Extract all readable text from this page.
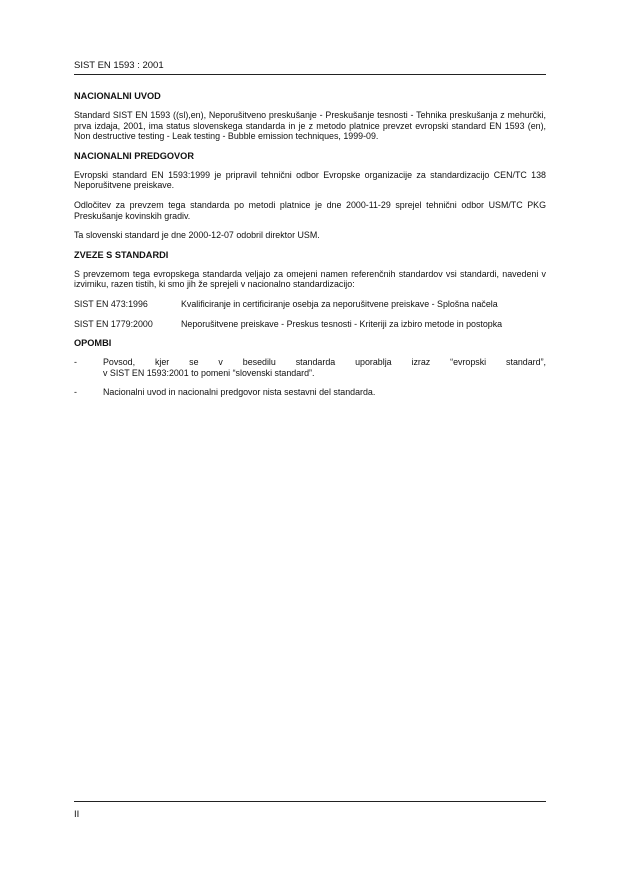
SIST EN 1593 : 2001
NACIONALNI UVOD

Standard SIST EN 1593 ((sl),en), Neporušitveno preskušanje - Preskušanje tesnosti - Tehnika preskušanja z mehurčki, prva izdaja, 2001, ima status slovenskega standarda in je z metodo platnice prevzet evropski standard EN 1593 (en), Non destructive testing - Leak testing - Bubble emission techniques, 1999-09.

NACIONALNI PREDGOVOR

Evropski standard EN 1593:1999 je pripravil tehnični odbor Evropske organizacije za standardizacijo CEN/TC 138 Neporušitvene preiskave.

Odločitev za prevzem tega standarda po metodi platnice je dne 2000-11-29 sprejel tehnični odbor USM/TC PKG Preskušanje kovinskih gradiv.

Ta slovenski standard je dne 2000-12-07 odobril direktor USM.

ZVEZE S STANDARDI

S prevzemom tega evropskega standarda veljajo za omejeni namen referenčnih standardov vsi standardi, navedeni v izvirniku, razen tistih, ki smo jih že sprejeli v nacionalno standardizacijo:

SIST EN 473:1996	Kvalificiranje in certificiranje osebja za neporušitvene preiskave - Splošna načela
SIST EN 1779:2000	Neporušitvene preiskave - Preskus tesnosti - Kriteriji za izbiro metode in postopka
OPOMBI
-	Povsod, kjer se v besedilu standarda uporablja izraz “evropski standard”,
v SIST EN 1593:2001 to pomeni “slovenski standard”.
-	Nacionalni uvod in nacionalni predgovor nista sestavni del standarda.
II
